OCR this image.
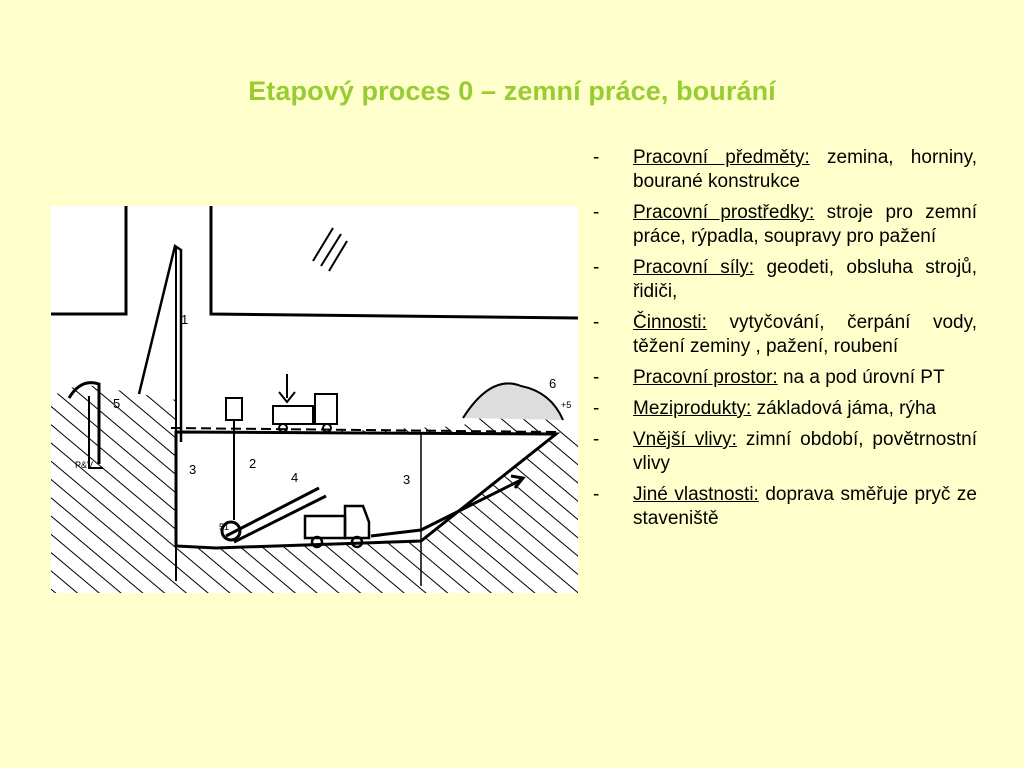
Etapový proces 0 – zemní práce, bourání
1
P&V
4
51
6
+5
3	2
3
5
-	Pracovní předměty: zemina, horniny, bourané konstrukce
-	Pracovní prostředky: stroje pro zemní práce, rýpadla, soupravy pro pažení
-	Pracovní síly: geodeti, obsluha strojů, řidiči,
-	Činnosti: vytyčování, čerpání vody, těžení zeminy , pažení, roubení
-	Pracovní prostor: na a pod úrovní PT
-	Meziprodukty: základová jáma, rýha
-	Vnější vlivy: zimní období, povětrnostní vlivy
-	Jiné vlastnosti: doprava směřuje pryč ze staveniště
